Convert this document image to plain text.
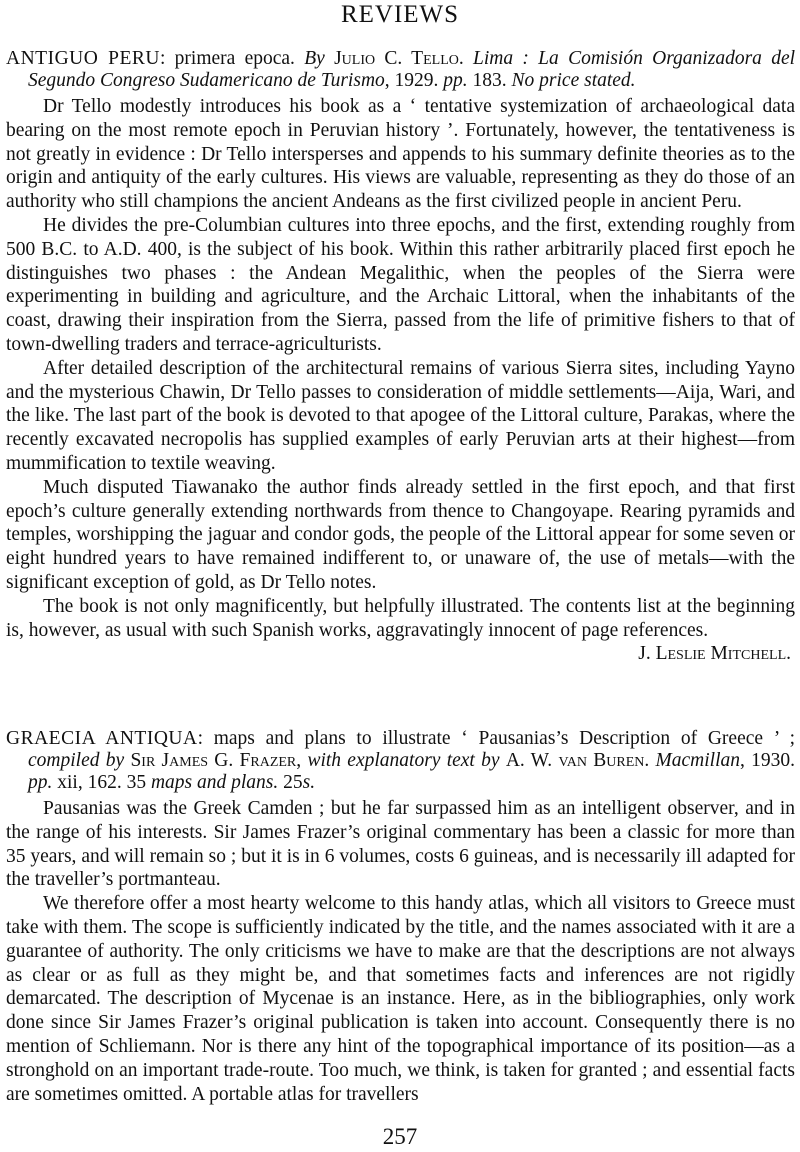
REVIEWS
ANTIGUO PERU: primera epoca. By Julio C. Tello. Lima : La Comisión Organizadora del Segundo Congreso Sudamericano de Turismo, 1929. pp. 183. No price stated.

Dr Tello modestly introduces his book as a ‘ tentative systemization of archaeological data bearing on the most remote epoch in Peruvian history ’. Fortunately, however, the tentativeness is not greatly in evidence : Dr Tello intersperses and appends to his summary definite theories as to the origin and antiquity of the early cultures. His views are valuable, representing as they do those of an authority who still champions the ancient Andeans as the first civilized people in ancient Peru.

He divides the pre-Columbian cultures into three epochs, and the first, extending roughly from 500 B.C. to A.D. 400, is the subject of his book. Within this rather arbitrarily placed first epoch he distinguishes two phases : the Andean Megalithic, when the peoples of the Sierra were experimenting in building and agriculture, and the Archaic Littoral, when the inhabitants of the coast, drawing their inspiration from the Sierra, passed from the life of primitive fishers to that of town-dwelling traders and terrace-agriculturists.

After detailed description of the architectural remains of various Sierra sites, including Yayno and the mysterious Chawin, Dr Tello passes to consideration of middle settlements—Aija, Wari, and the like. The last part of the book is devoted to that apogee of the Littoral culture, Parakas, where the recently excavated necropolis has supplied examples of early Peruvian arts at their highest—from mummification to textile weaving.

Much disputed Tiawanako the author finds already settled in the first epoch, and that first epoch’s culture generally extending northwards from thence to Changoyape. Rearing pyramids and temples, worshipping the jaguar and condor gods, the people of the Littoral appear for some seven or eight hundred years to have remained indifferent to, or unaware of, the use of metals—with the significant exception of gold, as Dr Tello notes.

The book is not only magnificently, but helpfully illustrated. The contents list at the beginning is, however, as usual with such Spanish works, aggravatingly innocent of page references.
J. Leslie Mitchell.

GRAECIA ANTIQUA: maps and plans to illustrate ‘ Pausanias’s Description of Greece ’ ; compiled by Sir James G. Frazer, with explanatory text by A. W. van Buren. Macmillan, 1930. pp. xii, 162. 35 maps and plans. 25s.

Pausanias was the Greek Camden ; but he far surpassed him as an intelligent observer, and in the range of his interests. Sir James Frazer’s original commentary has been a classic for more than 35 years, and will remain so ; but it is in 6 volumes, costs 6 guineas, and is necessarily ill adapted for the traveller’s portmanteau.

We therefore offer a most hearty welcome to this handy atlas, which all visitors to Greece must take with them. The scope is sufficiently indicated by the title, and the names associated with it are a guarantee of authority. The only criticisms we have to make are that the descriptions are not always as clear or as full as they might be, and that sometimes facts and inferences are not rigidly demarcated. The description of Mycenae is an instance. Here, as in the bibliographies, only work done since Sir James Frazer’s original publication is taken into account. Consequently there is no mention of Schliemann. Nor is there any hint of the topographical importance of its position—as a stronghold on an important trade-route. Too much, we think, is taken for granted ; and essential facts are sometimes omitted. A portable atlas for travellers

257
